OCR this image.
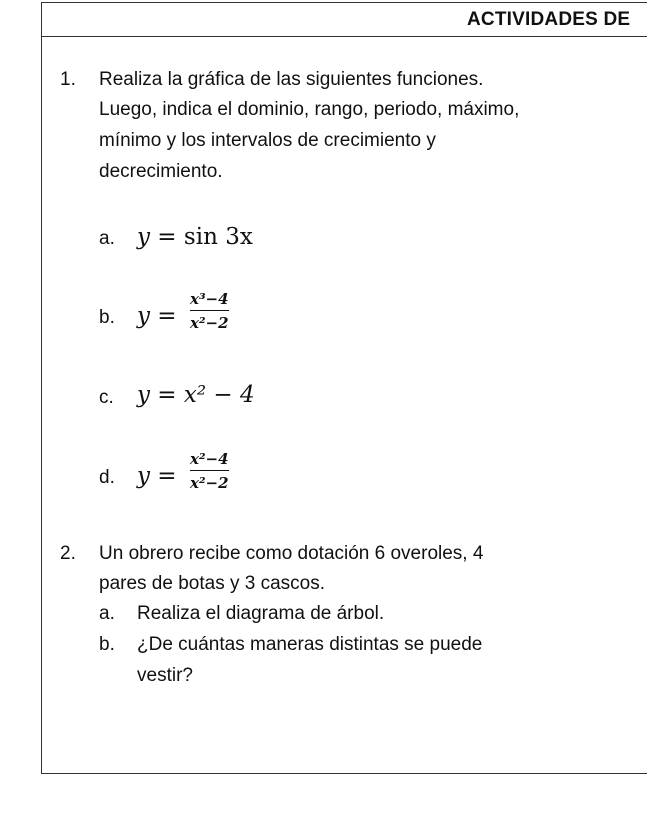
ACTIVIDADES DE
1. Realiza la gráfica de las siguientes funciones.
Luego, indica el dominio, rango, periodo, máximo,
mínimo y los intervalos de crecimiento y
decrecimiento.
a. y = sin 3x
b. y =
x³−4
x²−2
c. y = x² − 4
d. y =
x²−4
x²−2
2. Un obrero recibe como dotación 6 overoles, 4
pares de botas y 3 cascos.
a. Realiza el diagrama de árbol.
b. ¿De cuántas maneras distintas se puede
vestir?
